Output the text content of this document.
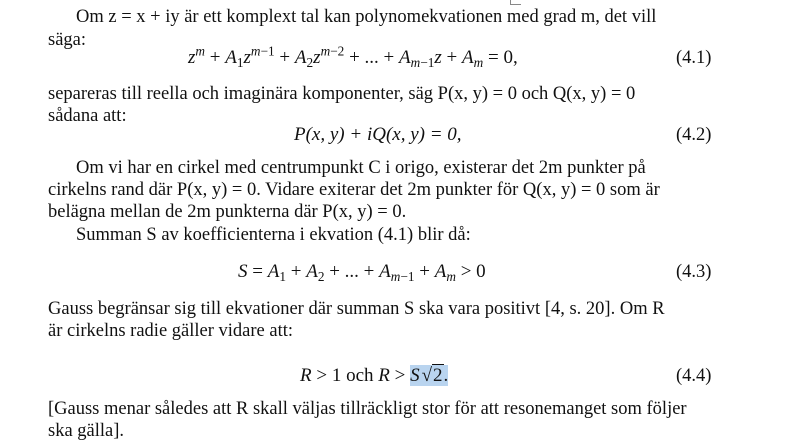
Om z = x + iy är ett komplext tal kan polynomekvationen med grad m, det vill
säga:
$z^m + A_1z^{m-1} + A_2z^{m-2}$ + ... + $A_{m-1}z + A_m = 0$,	(4.1)
separeras till reella och imaginära komponenter, säg P(x, y) = 0 och Q(x, y) = 0
sådana att:
P(x, y) + iQ(x, y) = 0,	(4.2)
Om vi har en cirkel med centrumpunkt C i origo, existerar det 2m punkter på
cirkelns rand där P(x, y) = 0. Vidare exiterar det 2m punkter för Q(x, y) = 0 som är
belägna mellan de 2m punkterna där P(x, y) = 0.
Summan S av koefficienterna i ekvation (4.1) blir då:
$S = A_1 + A_2$ + ... + $A_{m-1} + A_m > 0$	(4.3)
Gauss begränsar sig till ekvationer där summan S ska vara positivt [4, s. 20]. Om R
är cirkelns radie gäller vidare att:
R > 1 och R > S √2.	(4.4)
[Gauss menar således att R skall väljas tillräckligt stor för att resonemanget som följer
ska gälla].
